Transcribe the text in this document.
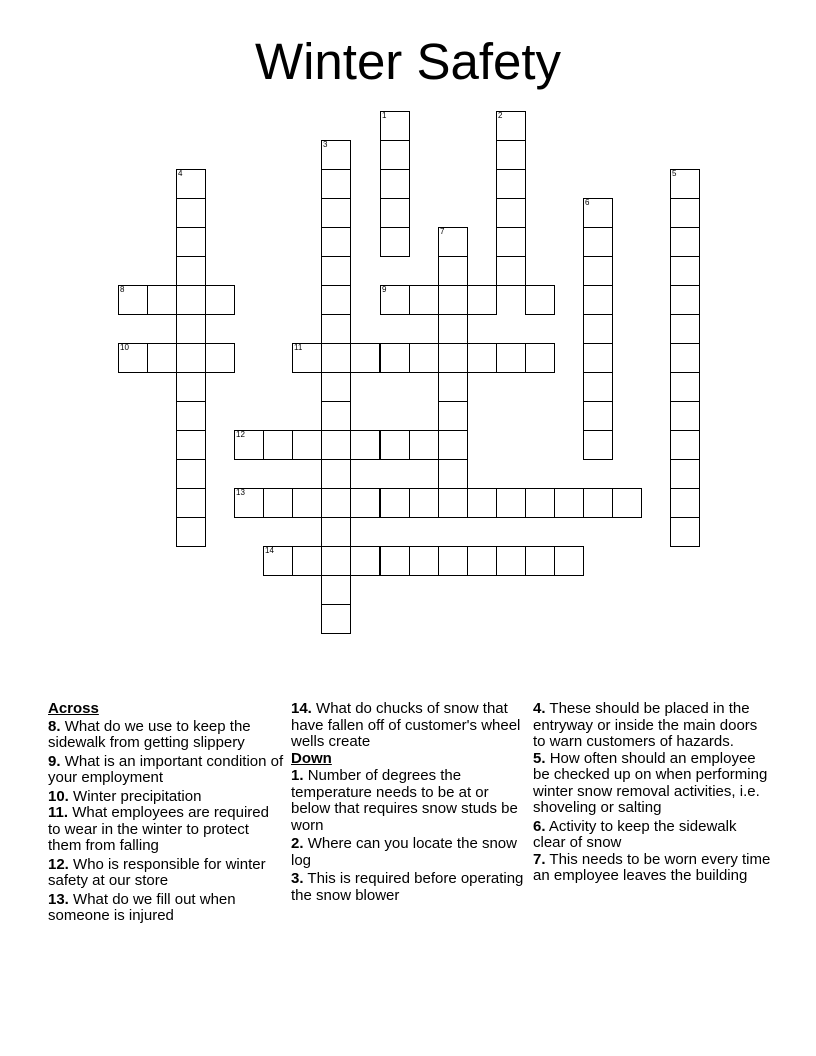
Winter Safety
1	2
3
4	5
6
7
8	9
10	11
12
13
14
Across
8. What do we use to keep the sidewalk from getting slippery
9. What is an important condition of your employment
10. Winter precipitation
11. What employees are required to wear in the winter to protect them from falling
12. Who is responsible for winter safety at our store
13. What do we fill out when someone is injured
14. What do chucks of snow that have fallen off of customer's wheel wells create
Down
1. Number of degrees the temperature needs to be at or below that requires snow studs be worn
2. Where can you locate the snow log
3. This is required before operating the snow blower
4. These should be placed in the entryway or inside the main doors to warn customers of hazards.
5. How often should an employee be checked up on when performing winter snow removal activities, i.e. shoveling or salting
6. Activity to keep the sidewalk clear of snow
7. This needs to be worn every time an employee leaves the building
